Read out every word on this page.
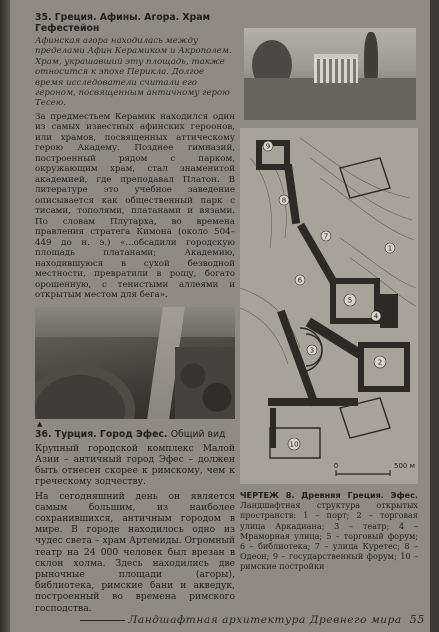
35. Греция. Афины. Агора. Храм Гефестейон

Афинская агора находилась между пределами Афин Керамиком и Акрополем. Храм, украшавший эту площадь, также относится к эпохе Перикла. Долгое время исследователи считали его героном, посвященным античному герою Тесею.

За предместьем Керамик находился один из самых известных афинских героонов, или храмов, посвященных аттическому герою Академу. Позднее гимназий, построенный рядом с парком, окружающим храм, стал знаменитой академией, где преподавал Платон. В литературе это учебное заведение описывается как общественный парк с тисами, тополями, платанами и вязами. По словам Плутарха, во времена правления стратега Кимона (около 504–449 до н. э.) «...обсадили городскую площадь платанами; Академию, находившуюся в сухой безводной местности, превратили в рощу, богато орошенную, с тенистыми аллеями и открытым местом для бега».

▲

36. Турция. Город Эфес. Общий вид

Крупный городской комплекс Малой Азии – античный город Эфес – должен быть отнесен скорее к римскому, чем к греческому зодчеству.

На сегодняшний день он является самым большим, из наиболее сохранившихся, античным городом в мире. В городе находилось одно из чудес света – храм Артемиды. Огромный театр на 24 000 человек был врезан в склон холма. Здесь находились две рыночные площади (агоры), библиотека, римские бани и акведук, построенный во времена римского господства.

9
7
4
5
3
2
6
8
1
10
0	500 м

ЧЕРТЕЖ 8. Древняя Греция. Эфес. Ландшафтная структура открытых пространств: 1 – порт; 2 – торговая улица Аркадиана; 3 – театр; 4 – Мраморная улица; 5 – торговый форум; 6 – библиотека; 7 – улица Куретес; 8 – Одеон; 9 – государственный форум; 10 – римские постройки

Ландшафтная архитектура Древнего мира 55
